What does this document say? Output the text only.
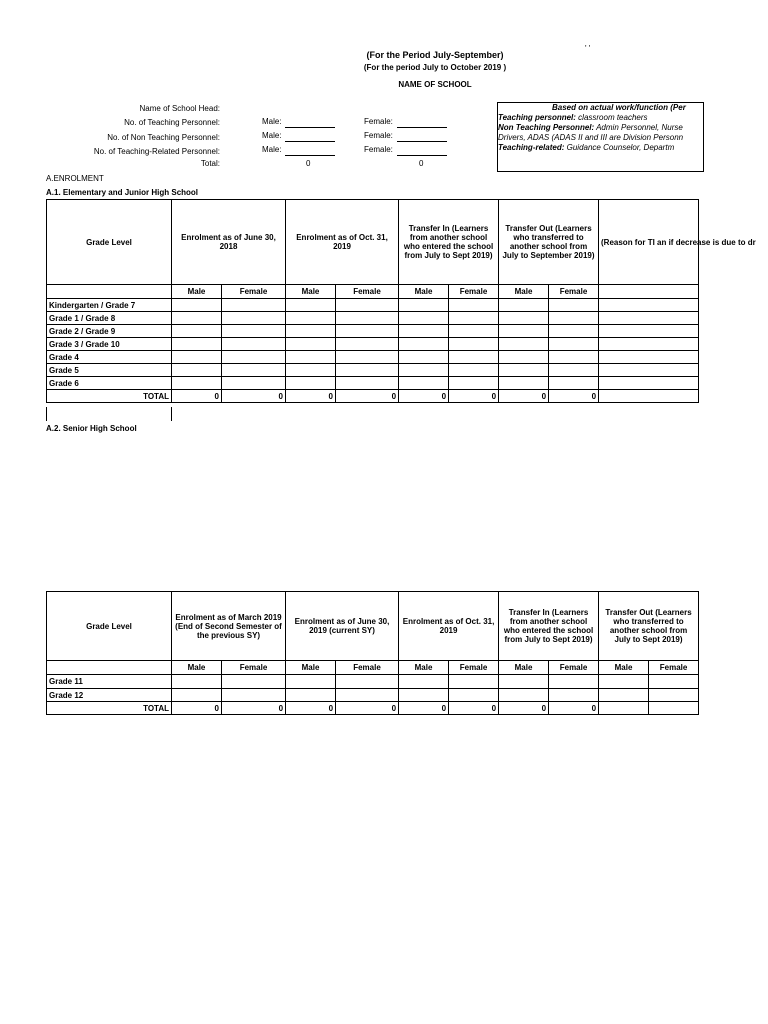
(For the Period July-September)
' '
(For the period July to October 2019 )
NAME OF SCHOOL
Name of School Head:
No. of Teaching Personnel:	Male:	Female:
No. of Non Teaching Personnel:	Male:	Female:
No. of Teaching-Related Personnel:	Male:	Female:
Total:	0	0
Based on actual work/function (Per
Teaching personnel: classroom teachers
Non Teaching Personnel: Admin Personnel, Nurse
Drivers, ADAS (ADAS II and III are Division Personn
Teaching-related: Guidance Counselor, Departm
A.ENROLMENT
A.1. Elementary and Junior High School
Grade Level	Enrolment as of June 30, 2018		Enrolment as of Oct. 31, 2019		Transfer In (Learners from another school who entered the school from July to Sept 2019)		Transfer Out (Learners who transferred to another school from July to September 2019)		(Reason for TI an if decrease is due to dr
	Male	Female	Male	Female	Male	Female	Male	Female	
Kindergarten / Grade 7									
Grade 1 / Grade 8									
Grade 2 / Grade 9									
Grade 3 / Grade 10									
Grade 4									
Grade 5									
Grade 6									
TOTAL	0	0	0	0	0	0	0	0	
A.2. Senior High School
Grade Level	Enrolment as of March 2019 (End of Second Semester of the previous SY)		Enrolment as of June 30, 2019 (current SY)		Enrolment as of Oct. 31, 2019		Transfer In (Learners from another school who entered the school from July to Sept 2019)		Transfer Out (Learners who transferred to another school from July to Sept 2019)	
	Male	Female	Male	Female	Male	Female	Male	Female	Male	Female
Grade 11										
Grade 12										
TOTAL	0	0	0	0	0	0	0	0		
